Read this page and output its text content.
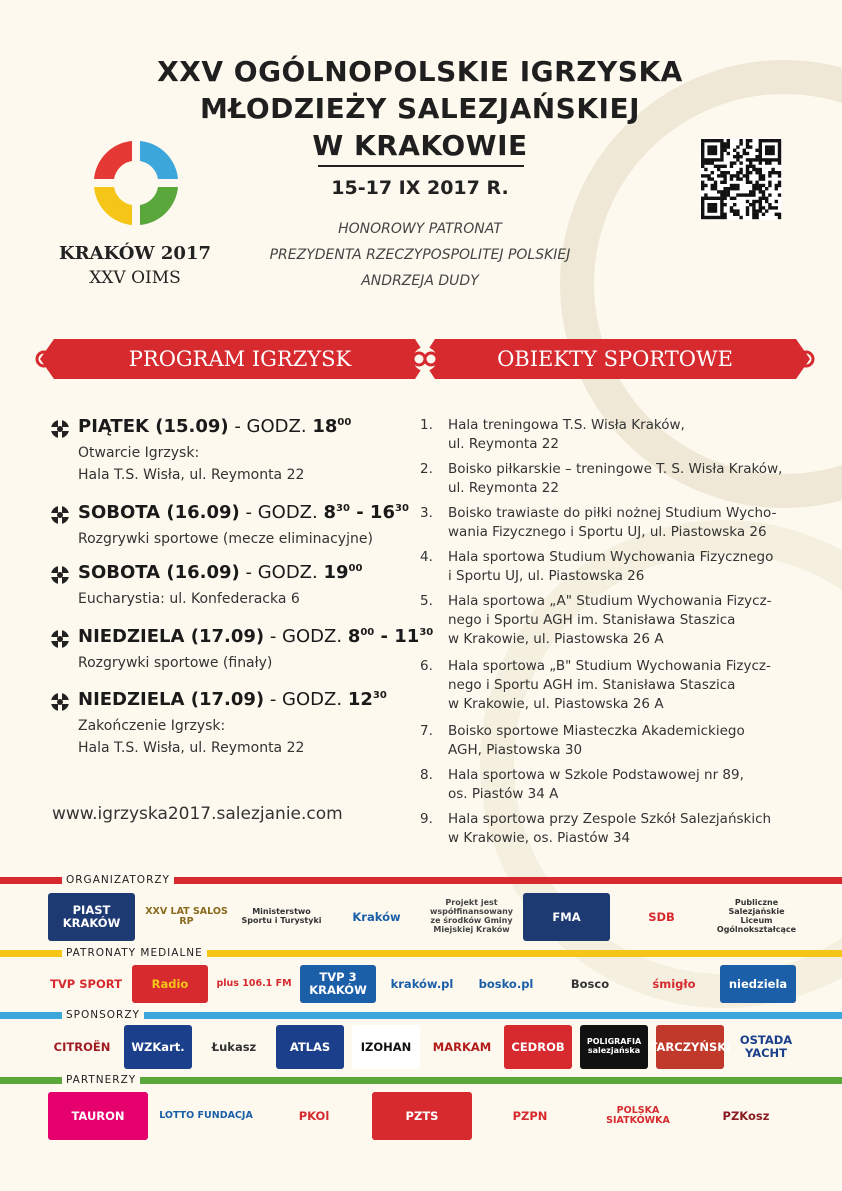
XXV OGÓLNOPOLSKIE IGRZYSKA
MŁODZIEŻY SALEZJAŃSKIEJ
W KRAKOWIE
15-17 IX 2017 R.
HONOROWY PATRONAT
PREZYDENTA RZECZYPOSPOLITEJ POLSKIEJ
ANDRZEJA DUDY
KRAKÓW 2017
XXV OIMS
PROGRAM IGRZYSK	OBIEKTY SPORTOWE
PIĄTEK (15.09) - GODZ. $18^{00}$
Otwarcie Igrzysk:
Hala T.S. Wisła, ul. Reymonta 22
SOBOTA (16.09) - GODZ. $8^{30} - 16^{30}$
Rozgrywki sportowe (mecze eliminacyjne)
SOBOTA (16.09) - GODZ. $19^{00}$
Eucharystia: ul. Konfederacka 6
NIEDZIELA (17.09) - GODZ. $8^{00} - 11^{30}$
Rozgrywki sportowe (finały)
NIEDZIELA (17.09) - GODZ. $12^{30}$
Zakończenie Igrzysk:
Hala T.S. Wisła, ul. Reymonta 22
www.igrzyska2017.salezjanie.com
1.	Hala treningowa T.S. Wisła Kraków,
ul. Reymonta 22
2.	Boisko piłkarskie – treningowe T. S. Wisła Kraków,
ul. Reymonta 22
3.	Boisko trawiaste do piłki nożnej Studium Wycho-
wania Fizycznego i Sportu UJ, ul. Piastowska 26
4.	Hala sportowa Studium Wychowania Fizycznego
i Sportu UJ, ul. Piastowska 26
5.	Hala sportowa „A" Studium Wychowania Fizycz-
nego i Sportu AGH im. Stanisława Staszica
w Krakowie, ul. Piastowska 26 A
6.	Hala sportowa „B" Studium Wychowania Fizycz-
nego i Sportu AGH im. Stanisława Staszica
w Krakowie, ul. Piastowska 26 A
7.	Boisko sportowe Miasteczka Akademickiego
AGH, Piastowska 30
8.	Hala sportowa w Szkole Podstawowej nr 89,
os. Piastów 34 A
9.	Hala sportowa przy Zespole Szkół Salezjańskich
w Krakowie, os. Piastów 34
ORGANIZATORZY
PIAST KRAKÓW
XXV LAT SALOS RP
Ministerstwo Sportu i Turystyki	Kraków
Projekt jest współfinansowany ze środków Gminy Miejskiej Kraków
FMA	SDB
Publiczne Salezjańskie Liceum Ogólnokształcące
PATRONATY MEDIALNE
TVP SPORT	Radio	plus 106.1 FM	TVP 3 KRAKÓW	kraków.pl	bosko.pl	Bosco	śmigło	niedziela
SPONSORZY
CITROËN	WZKart.	Łukasz	ATLAS	IZOHAN	MARKAM	CEDROB	POLIGRAFIA salezjańska TARCZYŃSKI OSTADA YACHT
PARTNERZY
TAURON	LOTTO FUNDACJA	PKOl	PZTS	PZPN	POLSKA SIATKÓWKA	PZKosz
